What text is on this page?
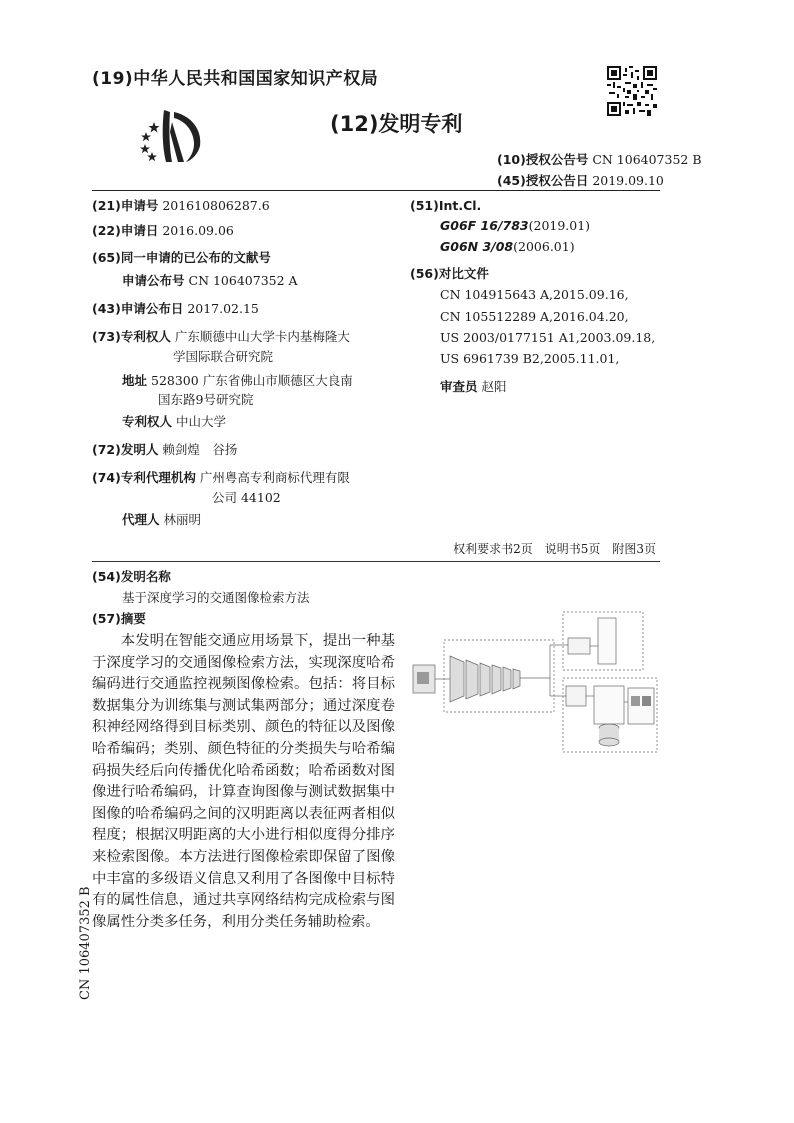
(19)中华人民共和国国家知识产权局
(12)发明专利
(10)授权公告号 CN 106407352 B
(45)授权公告日 2019.09.10
(21)申请号 201610806287.6
(22)申请日 2016.09.06
(65)同一申请的已公布的文献号
申请公布号 CN 106407352 A
(43)申请公布日 2017.02.15
(73)专利权人 广东顺德中山大学卡内基梅隆大
学国际联合研究院
地址 528300 广东省佛山市顺德区大良南
国东路9号研究院
专利权人 中山大学
(72)发明人 赖剑煌　谷扬
(74)专利代理机构 广州粤高专利商标代理有限
公司 44102
代理人 林丽明
(51)Int.Cl.
G06F 16/783(2019.01)
G06N 3/08(2006.01)
(56)对比文件
CN 104915643 A,2015.09.16,
CN 105512289 A,2016.04.20,
US 2003/0177151 A1,2003.09.18,
US 6961739 B2,2005.11.01,
审查员 赵阳
权利要求书2页　说明书5页　附图3页
(54)发明名称
基于深度学习的交通图像检索方法
(57)摘要
本发明在智能交通应用场景下，提出一种基于深度学习的交通图像检索方法，实现深度哈希编码进行交通监控视频图像检索。包括：将目标数据集分为训练集与测试集两部分；通过深度卷积神经网络得到目标类别、颜色的特征以及图像哈希编码；类别、颜色特征的分类损失与哈希编码损失经后向传播优化哈希函数；哈希函数对图像进行哈希编码，计算查询图像与测试数据集中图像的哈希编码之间的汉明距离以表征两者相似程度；根据汉明距离的大小进行相似度得分排序来检索图像。本方法进行图像检索即保留了图像中丰富的多级语义信息又利用了各图像中目标特有的属性信息，通过共享网络结构完成检索与图像属性分类多任务，利用分类任务辅助检索。
CN 106407352 B
